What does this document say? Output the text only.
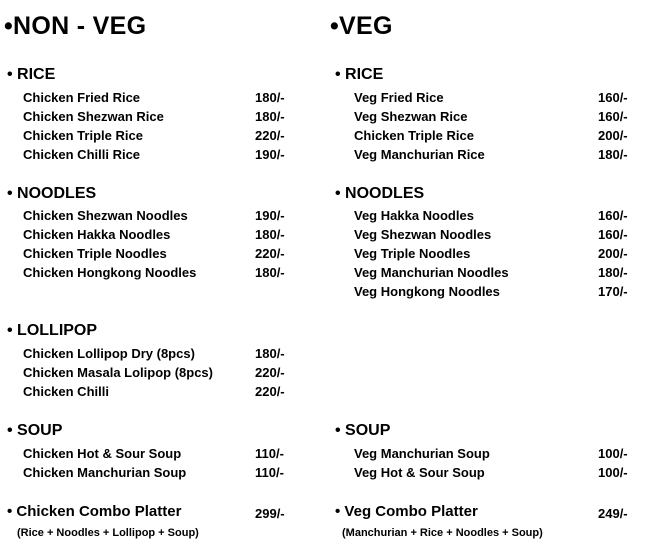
•NON - VEG
• RICE
Chicken Fried Rice	180/-
Chicken Shezwan Rice	180/-
Chicken Triple Rice	220/-
Chicken Chilli Rice	190/-
• NOODLES
Chicken Shezwan Noodles	190/-
Chicken Hakka Noodles	180/-
Chicken Triple Noodles	220/-
Chicken Hongkong Noodles	180/-
• LOLLIPOP
Chicken Lollipop Dry (8pcs)	180/-
Chicken Masala Lolipop (8pcs)	220/-
Chicken Chilli	220/-
• SOUP
Chicken Hot & Sour Soup	110/-
Chicken Manchurian Soup	110/-
• Chicken Combo Platter	299/-
(Rice + Noodles + Lollipop + Soup)
•VEG
• RICE
Veg Fried Rice	160/-
Veg Shezwan Rice	160/-
Chicken Triple Rice	200/-
Veg Manchurian Rice	180/-
• NOODLES
Veg Hakka Noodles	160/-
Veg Shezwan Noodles	160/-
Veg Triple Noodles	200/-
Veg Manchurian Noodles	180/-
Veg Hongkong Noodles	170/-
• SOUP
Veg Manchurian Soup	100/-
Veg Hot & Sour Soup	100/-
• Veg Combo Platter	249/-
(Manchurian + Rice + Noodles + Soup)
